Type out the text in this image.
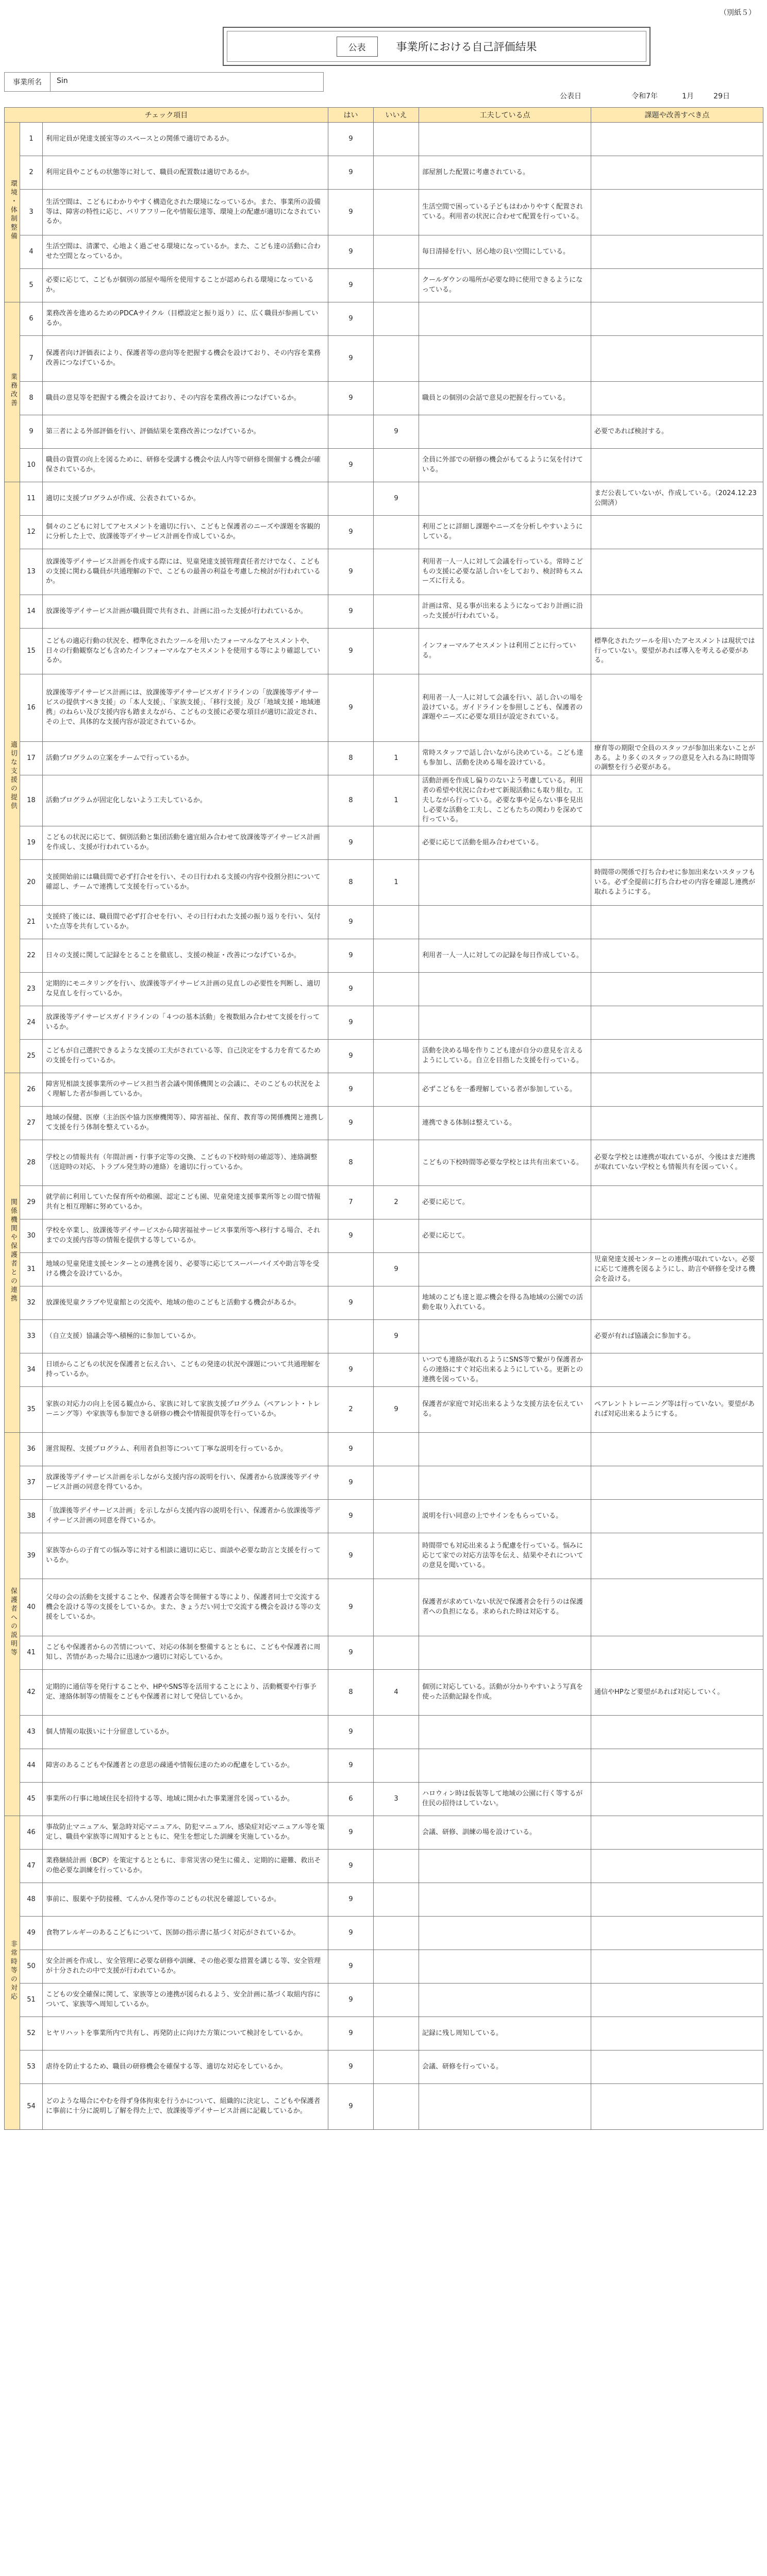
（別紙５）
公表	事業所における自己評価結果
事業所名	Sin
公表日	令和7年	1月	29日
チェック項目			はい	いいえ	工夫している点	課題や改善すべき点
環境・体制整備	1	利用定員が発達支援室等のスペースとの関係で適切であるか。	9			
	2	利用定員やこどもの状態等に対して、職員の配置数は適切であるか。	9		部屋割した配置に考慮されている。	
	3	生活空間は、こどもにわかりやすく構造化された環境になっているか。また、事業所の設備等は、障害の特性に応じ、バリアフリー化や情報伝達等、環境上の配慮が適切になされているか。	9		生活空間で困っている子どもはわかりやすく配置されている。利用者の状況に合わせて配置を行っている。	
	4	生活空間は、清潔で、心地よく過ごせる環境になっているか。また、こども達の活動に合わせた空間となっているか。	9		毎日清掃を行い、居心地の良い空間にしている。	
	5	必要に応じて、こどもが個別の部屋や場所を使用することが認められる環境になっているか。	9		クールダウンの場所が必要な時に使用できるようになっている。	
業務改善	6	業務改善を進めるためのPDCAサイクル（目標設定と振り返り）に、広く職員が参画しているか。	9			
	7	保護者向け評価表により、保護者等の意向等を把握する機会を設けており、その内容を業務改善につなげているか。	9			
	8	職員の意見等を把握する機会を設けており、その内容を業務改善につなげているか。	9		職員との個別の会話で意見の把握を行っている。	
	9	第三者による外部評価を行い、評価結果を業務改善につなげているか。		9		必要であれば検討する。
	10	職員の資質の向上を図るために、研修を受講する機会や法人内等で研修を開催する機会が確保されているか。	9		全員に外部での研修の機会がもてるように気を付けている。	
適切な支援の提供	11	適切に支援プログラムが作成、公表されているか。		9		まだ公表していないが、作成している。（2024.12.23公開済）
	12	個々のこどもに対してアセスメントを適切に行い、こどもと保護者のニーズや課題を客観的に分析した上で、放課後等デイサービス計画を作成しているか。	9		利用ごとに詳細し課題やニーズを分析しやすいようにしている。	
	13	放課後等デイサービス計画を作成する際には、児童発達支援管理責任者だけでなく、こどもの支援に関わる職員が共通理解の下で、こどもの最善の利益を考慮した検討が行われているか。	9		利用者一人一人に対して会議を行っている。常時こどもの支援に必要な話し合いをしており、検討時もスムーズに行える。	
	14	放課後等デイサービス計画が職員間で共有され、計画に沿った支援が行われているか。	9		計画は常、見る事が出来るようになっており計画に沿った支援が行われている。	
	15	こどもの適応行動の状況を、標準化されたツールを用いたフォーマルなアセスメントや、日々の行動観察なども含めたインフォーマルなアセスメントを使用する等により確認しているか。	9		インフォーマルアセスメントは利用ごとに行っている。	標準化されたツールを用いたアセスメントは現状では行っていない。要望があれば導入を考える必要がある。
	16	放課後等デイサービス計画には、放課後等デイサービスガイドラインの「放課後等デイサービスの提供すべき支援」の「本人支援」、「家族支援」、「移行支援」及び「地域支援・地域連携」のねらい及び支援内容も踏まえながら、こどもの支援に必要な項目が適切に設定され、その上で、具体的な支援内容が設定されているか。	9		利用者一人一人に対して会議を行い、話し合いの場を設けている。ガイドラインを参照しこども、保護者の課題やニーズに必要な項目が設定されている。	
	17	活動プログラムの立案をチームで行っているか。	8	1	常時スタッフで話し合いながら決めている。こども達も参加し、活動を決める場を設けている。	療育等の期限で全員のスタッフが参加出来ないことがある。より多くのスタッフの意見を入れる為に時間等の調整を行う必要がある。
	18	活動プログラムが固定化しないよう工夫しているか。	8	1	活動計画を作成し偏りのないよう考慮している。利用者の希望や状況に合わせて新規活動にも取り組む。工夫しながら行っている。必要な事や足らない事を見出し必要な活動を工夫し、こどもたちの関わりを深めて行っている。	
	19	こどもの状況に応じて、個別活動と集団活動を適宜組み合わせて放課後等デイサービス計画を作成し、支援が行われているか。	9		必要に応じて活動を組み合わせている。	
	20	支援開始前には職員間で必ず打合せを行い、その日行われる支援の内容や役割分担について確認し、チームで連携して支援を行っているか。	8	1		時間帯の関係で打ち合わせに参加出来ないスタッフもいる。必ず全提前に打ち合わせの内容を確認し連携が取れるようにする。
	21	支援終了後には、職員間で必ず打合せを行い、その日行われた支援の振り返りを行い、気付いた点等を共有しているか。	9			
	22	日々の支援に関して記録をとることを徹底し、支援の検証・改善につなげているか。	9		利用者一人一人に対しての記録を毎日作成している。	
	23	定期的にモニタリングを行い、放課後等デイサービス計画の見直しの必要性を判断し、適切な見直しを行っているか。	9			
	24	放課後等デイサービスガイドラインの「４つの基本活動」を複数組み合わせて支援を行っているか。	9			
	25	こどもが自己選択できるような支援の工夫がされている等、自己決定をする力を育てるための支援を行っているか。	9		活動を決める場を作りこども達が自分の意見を言えるようにしている。自立を目指した支援を行っている。	
関係機関や保護者との連携	26	障害児相談支援事業所のサービス担当者会議や関係機関との会議に、そのこどもの状況をよく理解した者が参画しているか。	9		必ずこどもを一番理解している者が参加している。	
	27	地域の保健、医療（主治医や協力医療機関等）、障害福祉、保育、教育等の関係機関と連携して支援を行う体制を整えているか。	9		連携できる体制は整えている。	
	28	学校との情報共有（年間計画・行事予定等の交換、こどもの下校時刻の確認等）、連絡調整（送迎時の対応、トラブル発生時の連絡）を適切に行っているか。	8		こどもの下校時間等必要な学校とは共有出来ている。	必要な学校とは連携が取れているが、今後はまだ連携が取れていない学校とも情報共有を図っていく。
	29	就学前に利用していた保育所や幼稚園、認定こども園、児童発達支援事業所等との間で情報共有と相互理解に努めているか。	7	2	必要に応じて。	
	30	学校を卒業し、放課後等デイサービスから障害福祉サービス事業所等へ移行する場合、それまでの支援内容等の情報を提供する等しているか。	9		必要に応じて。	
	31	地域の児童発達支援センターとの連携を図り、必要等に応じてスーパーバイズや助言等を受ける機会を設けているか。		9		児童発達支援センターとの連携が取れていない。必要に応じて連携を図るようにし、助言や研修を受ける機会を設ける。
	32	放課後児童クラブや児童館との交流や、地域の他のこどもと活動する機会があるか。	9		地域のこども達と遊ぶ機会を得る為地域の公園での活動を取り入れている。	
	33	（自立支援）協議会等へ積極的に参加しているか。		9		必要が有れば協議会に参加する。
	34	日頃からこどもの状況を保護者と伝え合い、こどもの発達の状況や課題について共通理解を持っているか。	9		いつでも連絡が取れるようにSNS等で繋がり保護者からの連絡にすぐ対応出来るようにしている。更新との連携を図っている。	
	35	家族の対応力の向上を図る観点から、家族に対して家族支援プログラム（ペアレント・トレーニング等）や家族等も参加できる研修の機会や情報提供等を行っているか。	2	9	保護者が家庭で対応出来るような支援方法を伝えている。	ペアレントトレーニング等は行っていない。要望があれば対応出来るようにする。
保護者への説明等	36	運営規程、支援プログラム、利用者負担等について丁寧な説明を行っているか。	9			
	37	放課後等デイサービス計画を示しながら支援内容の説明を行い、保護者から放課後等デイサービス計画の同意を得ているか。	9			
	38	「放課後等デイサービス計画」を示しながら支援内容の説明を行い、保護者から放課後等デイサービス計画の同意を得ているか。	9		説明を行い同意の上でサインをもらっている。	
	39	家族等からの子育ての悩み等に対する相談に適切に応じ、面談や必要な助言と支援を行っているか。	9		時間帯でも対応出来るよう配慮を行っている。悩みに応じて家での対応方法等を伝え、結果やそれについての意見を聞いている。	
	40	父母の会の活動を支援することや、保護者会等を開催する等により、保護者同士で交流する機会を設ける等の支援をしているか。また、きょうだい同士で交流する機会を設ける等の支援をしているか。	9		保護者が求めていない状況で保護者会を行うのは保護者への負担になる。求められた時は対応する。	
	41	こどもや保護者からの苦情について、対応の体制を整備するとともに、こどもや保護者に周知し、苦情があった場合に迅速かつ適切に対応しているか。	9			
	42	定期的に通信等を発行することや、HPやSNS等を活用することにより、活動概要や行事予定、連絡体制等の情報をこどもや保護者に対して発信しているか。	8	4	個別に対応している。活動が分かりやすいよう写真を使った活動記録を作成。	通信やHPなど要望があれば対応していく。
	43	個人情報の取扱いに十分留意しているか。	9			
	44	障害のあるこどもや保護者との意思の疎通や情報伝達のための配慮をしているか。	9			
	45	事業所の行事に地域住民を招待する等、地域に開かれた事業運営を図っているか。	6	3	ハロウィン時は仮装等して地域の公園に行く等するが住民の招待はしていない。	
非常時等の対応	46	事故防止マニュアル、緊急時対応マニュアル、防犯マニュアル、感染症対応マニュアル等を策定し、職員や家族等に周知するとともに、発生を想定した訓練を実施しているか。	9		会議、研修、訓練の場を設けている。	
	47	業務継続計画（BCP）を策定するとともに、非常災害の発生に備え、定期的に避難、救出その他必要な訓練を行っているか。	9			
	48	事前に、服薬や予防接種、てんかん発作等のこどもの状況を確認しているか。	9			
	49	食物アレルギーのあるこどもについて、医師の指示書に基づく対応がされているか。	9			
	50	安全計画を作成し、安全管理に必要な研修や訓練、その他必要な措置を講じる等、安全管理が十分されたの中で支援が行われているか。	9			
	51	こどもの安全確保に関して、家族等との連携が図られるよう、安全計画に基づく取組内容について、家族等へ周知しているか。	9			
	52	ヒヤリハットを事業所内で共有し、再発防止に向けた方策について検討をしているか。	9		記録に残し周知している。	
	53	虐待を防止するため、職員の研修機会を確保する等、適切な対応をしているか。	9		会議、研修を行っている。	
	54	どのような場合にやむを得ず身体拘束を行うかについて、組織的に決定し、こどもや保護者に事前に十分に説明し了解を得た上で、放課後等デイサービス計画に記載しているか。	9			
